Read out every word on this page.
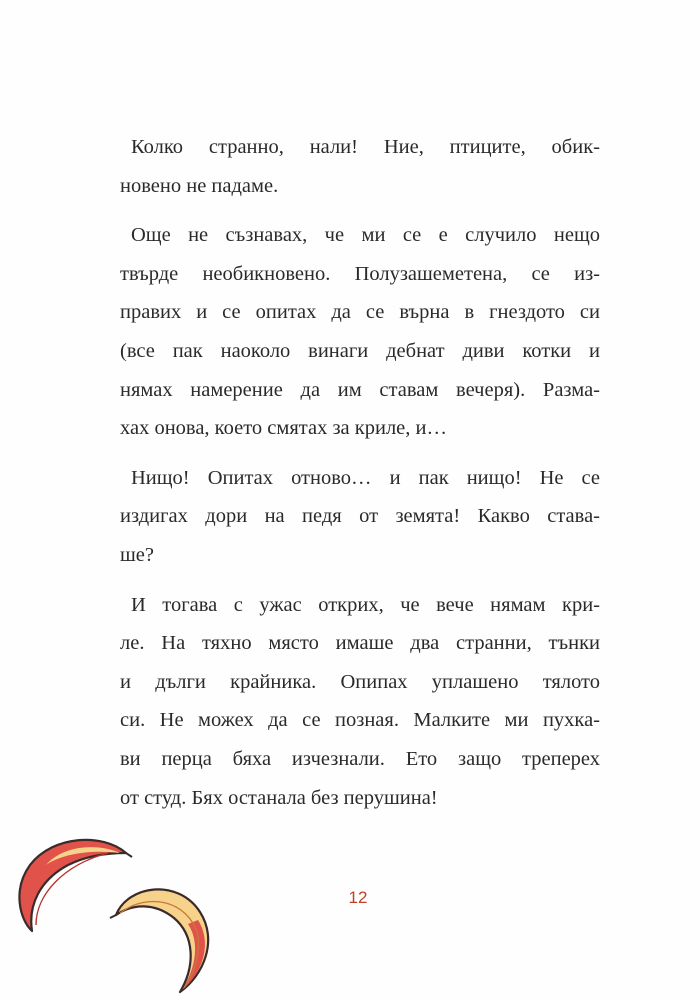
Колко странно, нали! Ние, птиците, обик-
новено не падаме.
Още не съзнавах, че ми се е случило нещо
твърде необикновено. Полузашеметена, се из-
правих и се опитах да се върна в гнездото си
(все пак наоколо винаги дебнат диви котки и
нямах намерение да им ставам вечеря). Разма-
хах онова, което смятах за криле, и…
Нищо! Опитах отново… и пак нищо! Не се
издигах дори на педя от земята! Какво става-
ше?
И тогава с ужас открих, че вече нямам кри-
ле. На тяхно място имаше два странни, тънки
и дълги крайника. Опипах уплашено тялото
си. Не можех да се позная. Малките ми пухка-
ви перца бяха изчезнали. Ето защо треперех
от студ. Бях останала без перушина!
12
